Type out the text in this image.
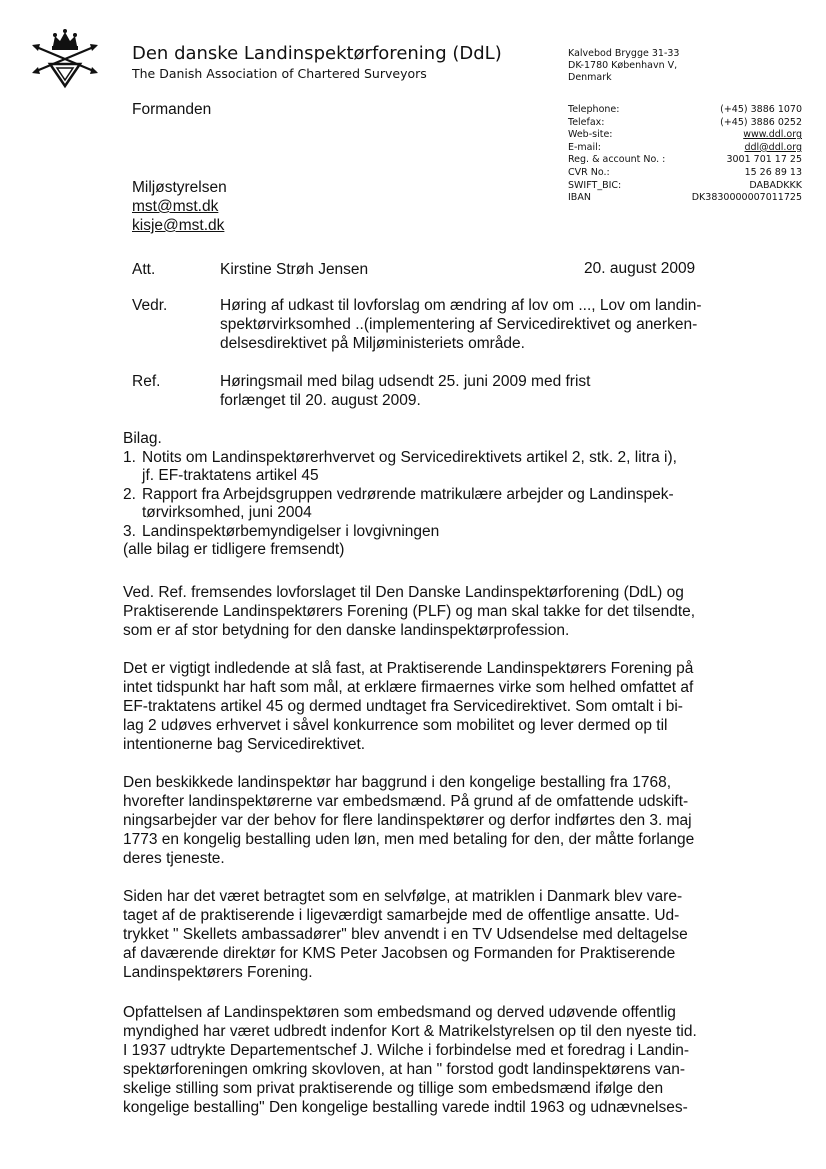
Den danske Landinspektørforening (DdL)
The Danish Association of Chartered Surveyors
Kalvebod Brygge 31-33
DK-1780 København V,
Denmark
Telephone:	(+45) 3886 1070
Telefax:	(+45) 3886 0252
Web-site:	www.ddl.org
E-mail:	ddl@ddl.org
Reg. & account No. :	3001 701 17 25
CVR No.:	15 26 89 13
SWIFT_BIC:	DABADKKK
IBAN	DK3830000007011725
Formanden
Miljøstyrelsen
mst@mst.dk
kisje@mst.dk
Att.	Kirstine Strøh Jensen	20. august 2009
Vedr.	Høring af udkast til lovforslag om ændring af lov om ..., Lov om landin-
spektørvirksomhed ..(implementering af Servicedirektivet og anerken-
delsesdirektivet på Miljøministeriets område.
Ref.	Høringsmail med bilag udsendt 25. juni 2009 med frist
forlænget til 20. august 2009.
Bilag.
1. Notits om Landinspektørerhvervet og Servicedirektivets artikel 2, stk. 2, litra i),
jf. EF-traktatens artikel 45
2. Rapport fra Arbejdsgruppen vedrørende matrikulære arbejder og Landinspek-
tørvirksomhed, juni 2004
3. Landinspektørbemyndigelser i lovgivningen
(alle bilag er tidligere fremsendt)
Ved. Ref. fremsendes lovforslaget til Den Danske Landinspektørforening (DdL) og
Praktiserende Landinspektørers Forening (PLF) og man skal takke for det tilsendte,
som er af stor betydning for den danske landinspektørprofession.
Det er vigtigt indledende at slå fast, at Praktiserende Landinspektørers Forening på
intet tidspunkt har haft som mål, at erklære firmaernes virke som helhed omfattet af
EF-traktatens artikel 45 og dermed undtaget fra Servicedirektivet. Som omtalt i bi-
lag 2 udøves erhvervet i såvel konkurrence som mobilitet og lever dermed op til
intentionerne bag Servicedirektivet.
Den beskikkede landinspektør har baggrund i den kongelige bestalling fra 1768,
hvorefter landinspektørerne var embedsmænd. På grund af de omfattende udskift-
ningsarbejder var der behov for flere landinspektører og derfor indførtes den 3. maj
1773 en kongelig bestalling uden løn, men med betaling for den, der måtte forlange
deres tjeneste.
Siden har det været betragtet som en selvfølge, at matriklen i Danmark blev vare-
taget af de praktiserende i ligeværdigt samarbejde med de offentlige ansatte. Ud-
trykket " Skellets ambassadører" blev anvendt i en TV Udsendelse med deltagelse
af daværende direktør for KMS Peter Jacobsen og Formanden for Praktiserende
Landinspektørers Forening.
Opfattelsen af Landinspektøren som embedsmand og derved udøvende offentlig
myndighed har været udbredt indenfor Kort & Matrikelstyrelsen op til den nyeste tid.
I 1937 udtrykte Departementschef J. Wilche i forbindelse med et foredrag i Landin-
spektørforeningen omkring skovloven, at han " forstod godt landinspektørens van-
skelige stilling som privat praktiserende og tillige som embedsmænd ifølge den
kongelige bestalling" Den kongelige bestalling varede indtil 1963 og udnævnelses-
